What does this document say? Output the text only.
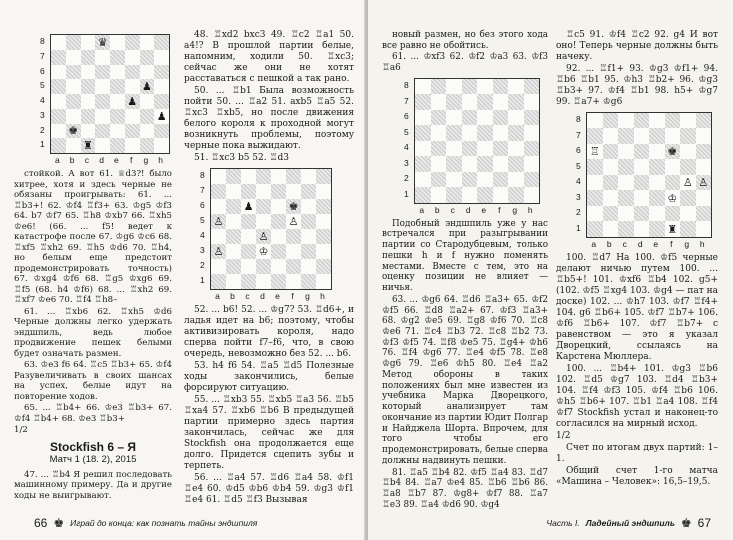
8
7
6
5
4
3
2
1
♛
♟
♟
♟
♚
♜
a	b	c	d	e	f	g	h

стойкой. А вот 61. ♕d3?! было хитрее, хотя и здесь черные не обязаны проигрывать: 61. ... ♖b3+! 62. ♔f4 ♖f3+ 63. ♔g5 ♔f3 64. b7 ♔f7 65. ♖h8 ♔xb7 66. ♖xh5 ♔e6! (66. ... f5! ведет к катастрофе после 67. ♔g6 ♔c6 68. ♖xf5 ♖xh2 69. ♖h5 ♔d6 70. ♖h4, но белым еще предстоит продемонстрировать точность) 67. ♔xg4 ♔f6 68. ♖g5 ♔xg6 69. ♖f5 (68. h4 ♔f6) 68. ... ♖xh2 69. ♖xf7 ♔e6 70. ♖f4 ♖h8–

61. ... ♖xb6 62. ♖xh5 ♔d6 Черные должны легко удержать эндшпиль, ведь любое продвижение пешек белыми будет означать размен.

63. ♔e3 f6 64. ♖c5 ♖b3+ 65. ♔f4 Разувеличивать в своих шансах на успех, белые идут на повторение ходов.

65. ... ♖b4+ 66. ♔e3 ♖b3+ 67. ♔f4 ♖b4+ 68. ♔e3 ♖b3+

1/2

Stockfish 6 – Я
Матч 1 (18. 2), 2015

47. ... ♖b4 Я решил последовать машинному примеру. Да и другие ходы не выигрывают.

48. ♖xd2 bxc3 49. ♖c2 ♖a1 50. a4!? В прошлой партии белые, напомним, ходили 50. ♖xc3; сейчас же они не хотят расставаться с пешкой а так рано.

50. ... ♖b1 Была возможность пойти 50. ... ♖a2 51. axb5 ♖a5 52. ♖xc3 ♖xb5, но после движения белого короля к проходной могут возникнуть проблемы, поэтому черные пока выжидают.

51. ♖xc3 b5 52. ♖d3

8
7
6
5
4
3
2
1
♟	♚
♙	♙
♙
♙	♔
a	b	c	d	e	f	g	h

52. ... b6! 52. ... ♔g7? 53. ♖d6+, и ладья идет на b6; поэтому, чтобы активизировать короля, надо сперва пойти f7–f6, что, в свою очередь, невозможно без 52. ... b6.

53. h4 f6 54. ♖a5 ♖d5 Полезные ходы закончились, белые форсируют ситуацию.

55. ... ♖xb3 55. ♖xb5 ♖a3 56. ♖b5 ♖xa4 57. ♖xb6 ♖b6 В предыдущей партии примерно здесь партия закончилась, сейчас же для Stockfish она продолжается еще долго. Придется сцепить зубы и терпеть.

56. ... ♖a4 57. ♖d6 ♖a4 58. ♔f1 ♖e4 60. ♔d5 ♔b6 ♔b4 59. ♔g3 ♔f1 ♖e4 61. ♖d5 ♖f3 Вызывая

66 ♚ Играй до конца: как познать тайны эндшпиля

новый размен, но без этого хода все равно не обойтись.

61. ... ♔xf3 62. ♔f2 ♔a3 63. ♔f3 ♖a6

8
7
6
5
4
3
2
1
a	b	c	d	e	f	g	h

Подобный эндшпиль уже у нас встречался при разыгрывании партии со Стародубцевым, только пешки h и f нужно поменять местами. Вместе с тем, это на оценку позиции не влияет — ничья.

63. ... ♔g6 64. ♖d6 ♖a3+ 65. ♔f2 ♔f5 66. ♖d8 ♖a2+ 67. ♔f3 ♖a3+ 68. ♔g2 ♔e5 69. ♖g8 ♔f6 70. ♖c8 ♔e6 71. ♖c4 ♖b3 72. ♖c8 ♖b2 73. ♔f3 ♔f5 74. ♖f8 ♔e5 75. ♖g4+ ♔h6 76. ♖f4 ♔g6 77. ♖e4 ♔f5 78. ♖e8 ♔g6 79. ♖e6 ♔h5 80. ♖e4 ♖a2 Метод обороны в таких положениях был мне известен из учебника Марка Дворецкого, который анализирует там окончание из партии Юдит Полгар и Найджела Шорта. Впрочем, для того чтобы его продемонстрировать, белые сперва должны надвинуть пешки.

81. ♖a5 ♖b4 82. ♔f5 ♖a4 83. ♖d7 ♖b4 84. ♖a7 ♔e4 85. ♖b6 ♖b6 86. ♖a8 ♖b7 87. ♔g8+ ♔f7 88. ♖a7 ♖e3 89. ♖a4 ♔d6 90. ♔g4

♖c5 91. ♔f4 ♖c2 92. g4 И вот оно! Теперь черные должны быть начеку.

92. ... ♖f1+ 93. ♔g3 ♔f1+ 94. ♖b6 ♖b1 95. ♔h3 ♖b2+ 96. ♔g3 ♖b3+ 97. ♔f4 ♖b1 98. h5+ ♔g7 99. ♖a7+ ♔g6

8
7
6
5
4
3
2
1
♖	♚
♙ ♙
♔
♜
a	b	c	d	e	f	g	h

100. ♖d7 На 100. ♔f5 черные делают ничью путем 100. ... ♖b5+! 101. ♔xf6 ♖b4 102. g5+ (102. ♔f5 ♖xg4 103. ♔g4 — пат на доске) 102. ... ♔h7 103. ♔f7 ♖f4+ 104. g6 ♖b6+ 105. ♔f7 ♖b7+ 106. ♔f6 ♖b6+ 107. ♔f7 ♖b7+ с равенством — это я указал Дворецкий, ссылаясь на Карстена Мюллера.

100. ... ♖b4+ 101. ♔g3 ♖b6 102. ♖d5 ♔g7 103. ♖d4 ♖b3+ 104. ♖f4 ♔f3 105. ♔f4 ♖b6 106. ♔h5 ♖b6+ 107. ♖b1 ♖a4 108. ♖f4 ♔f7 Stockfish устал и наконец-то согласился на мирный исход.

1/2

Счет по итогам двух партий: 1–1.

Общий счет 1-го матча «Машина – Человек»: 16,5–19,5.

Часть I. Ладейный эндшпиль ♚ 67
